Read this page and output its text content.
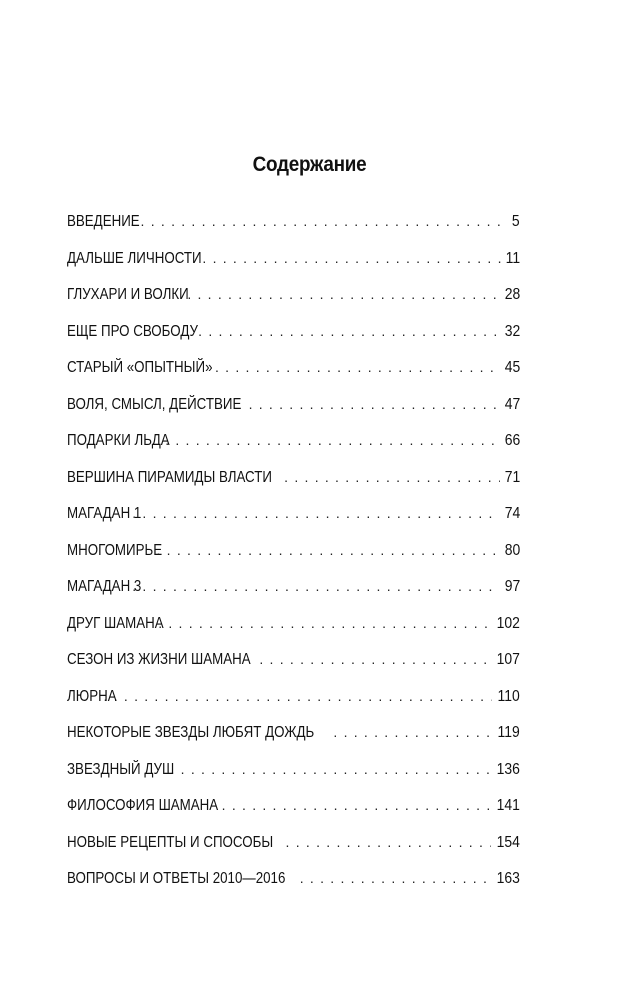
Содержание
ВВЕДЕНИЕ . . .	5
ДАЛЬШЕ ЛИЧНОСТИ . . .	11
ГЛУХАРИ И ВОЛКИ . . .	28
ЕЩЕ ПРО СВОБОДУ . . .	32
СТАРЫЙ «ОПЫТНЫЙ» . . .	45
ВОЛЯ, СМЫСЛ, ДЕЙСТВИЕ . . .	47
ПОДАРКИ ЛЬДА . . .	66
ВЕРШИНА ПИРАМИДЫ ВЛАСТИ . . .	71
МАГАДАН 1 . . .	74
МНОГОМИРЬЕ . . .	80
МАГАДАН 3 . . .	97
ДРУГ ШАМАНА . . .	102
СЕЗОН ИЗ ЖИЗНИ ШАМАНА . . .	107
ЛЮРНА . . .	110
НЕКОТОРЫЕ ЗВЕЗДЫ ЛЮБЯТ ДОЖДЬ . . .	119
ЗВЕЗДНЫЙ ДУШ . . .	136
ФИЛОСОФИЯ ШАМАНА . . .	141
НОВЫЕ РЕЦЕПТЫ И СПОСОБЫ . . .	154
ВОПРОСЫ И ОТВЕТЫ 2010—2016 . . .	163
